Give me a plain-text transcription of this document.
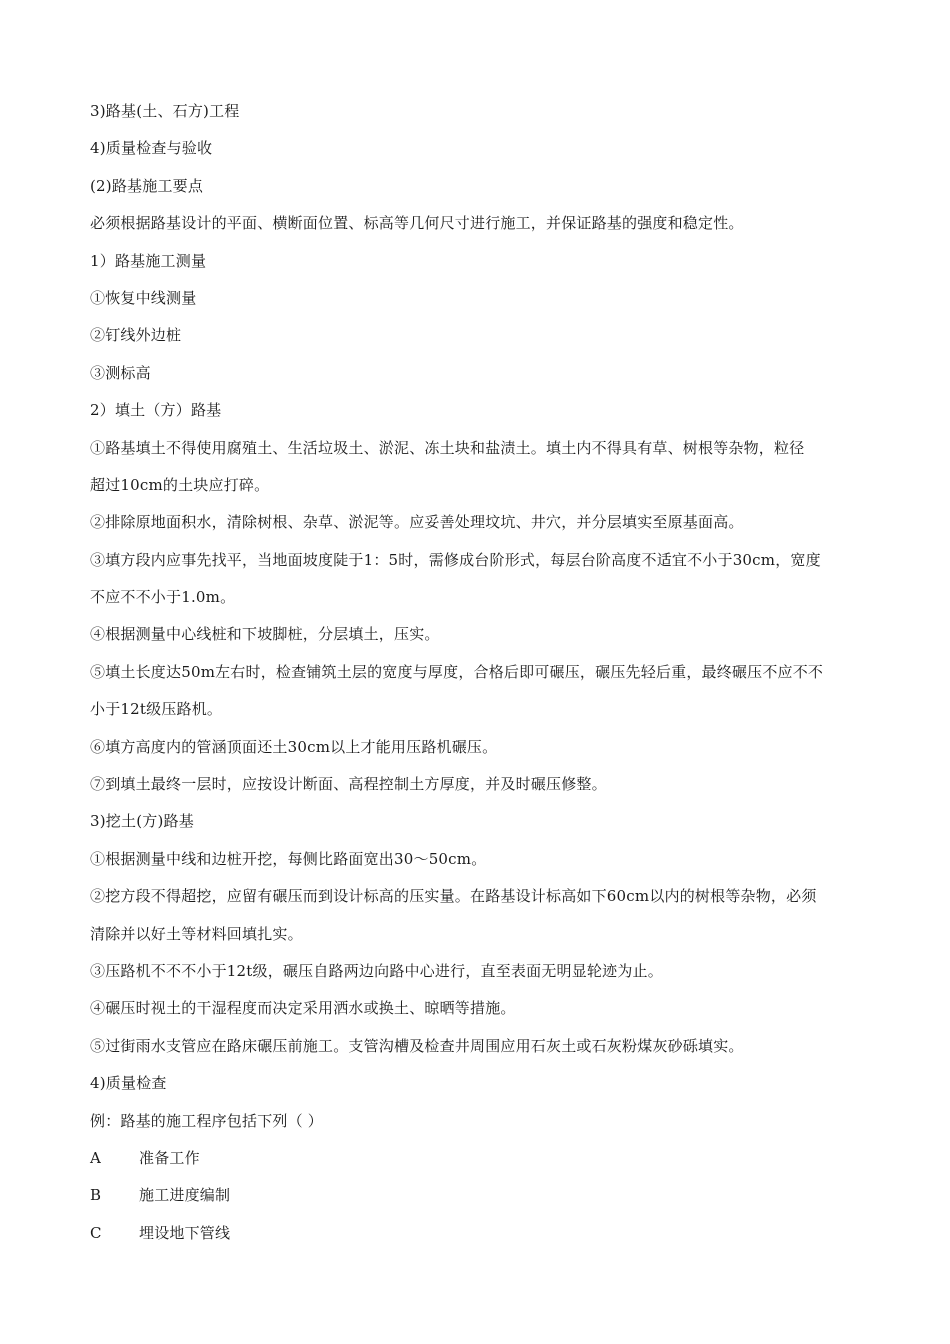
3)路基(土、石方)工程
4)质量检查与验收
(2)路基施工要点
必须根据路基设计的平面、横断面位置、标高等几何尺寸进行施工，并保证路基的强度和稳定性。
1）路基施工测量
①恢复中线测量
②钉线外边桩
③测标高
2）填土（方）路基
①路基填土不得使用腐殖土、生活垃圾土、淤泥、冻土块和盐渍土。填土内不得具有草、树根等杂物，粒径
超过10cm的土块应打碎。
②排除原地面积水，清除树根、杂草、淤泥等。应妥善处理坟坑、井穴，并分层填实至原基面高。
③填方段内应事先找平，当地面坡度陡于1：5时，需修成台阶形式，每层台阶高度不适宜不小于30cm，宽度
不应不不小于1.0m。
④根据测量中心线桩和下坡脚桩，分层填土，压实。
⑤填土长度达50m左右时，检查铺筑土层的宽度与厚度，合格后即可碾压，碾压先轻后重，最终碾压不应不不
小于12t级压路机。
⑥填方高度内的管涵顶面还土30cm以上才能用压路机碾压。
⑦到填土最终一层时，应按设计断面、高程控制土方厚度，并及时碾压修整。
3)挖土(方)路基
①根据测量中线和边桩开挖，每侧比路面宽出30～50cm。
②挖方段不得超挖，应留有碾压而到设计标高的压实量。在路基设计标高如下60cm以内的树根等杂物，必须
清除并以好土等材料回填扎实。
③压路机不不不小于12t级，碾压自路两边向路中心进行，直至表面无明显轮迹为止。
④碾压时视土的干湿程度而决定采用洒水或换土、晾晒等措施。
⑤过街雨水支管应在路床碾压前施工。支管沟槽及检查井周围应用石灰土或石灰粉煤灰砂砾填实。
4)质量检查
例：路基的施工程序包括下列（ ）
A	准备工作
B	施工进度编制
C	埋设地下管线
